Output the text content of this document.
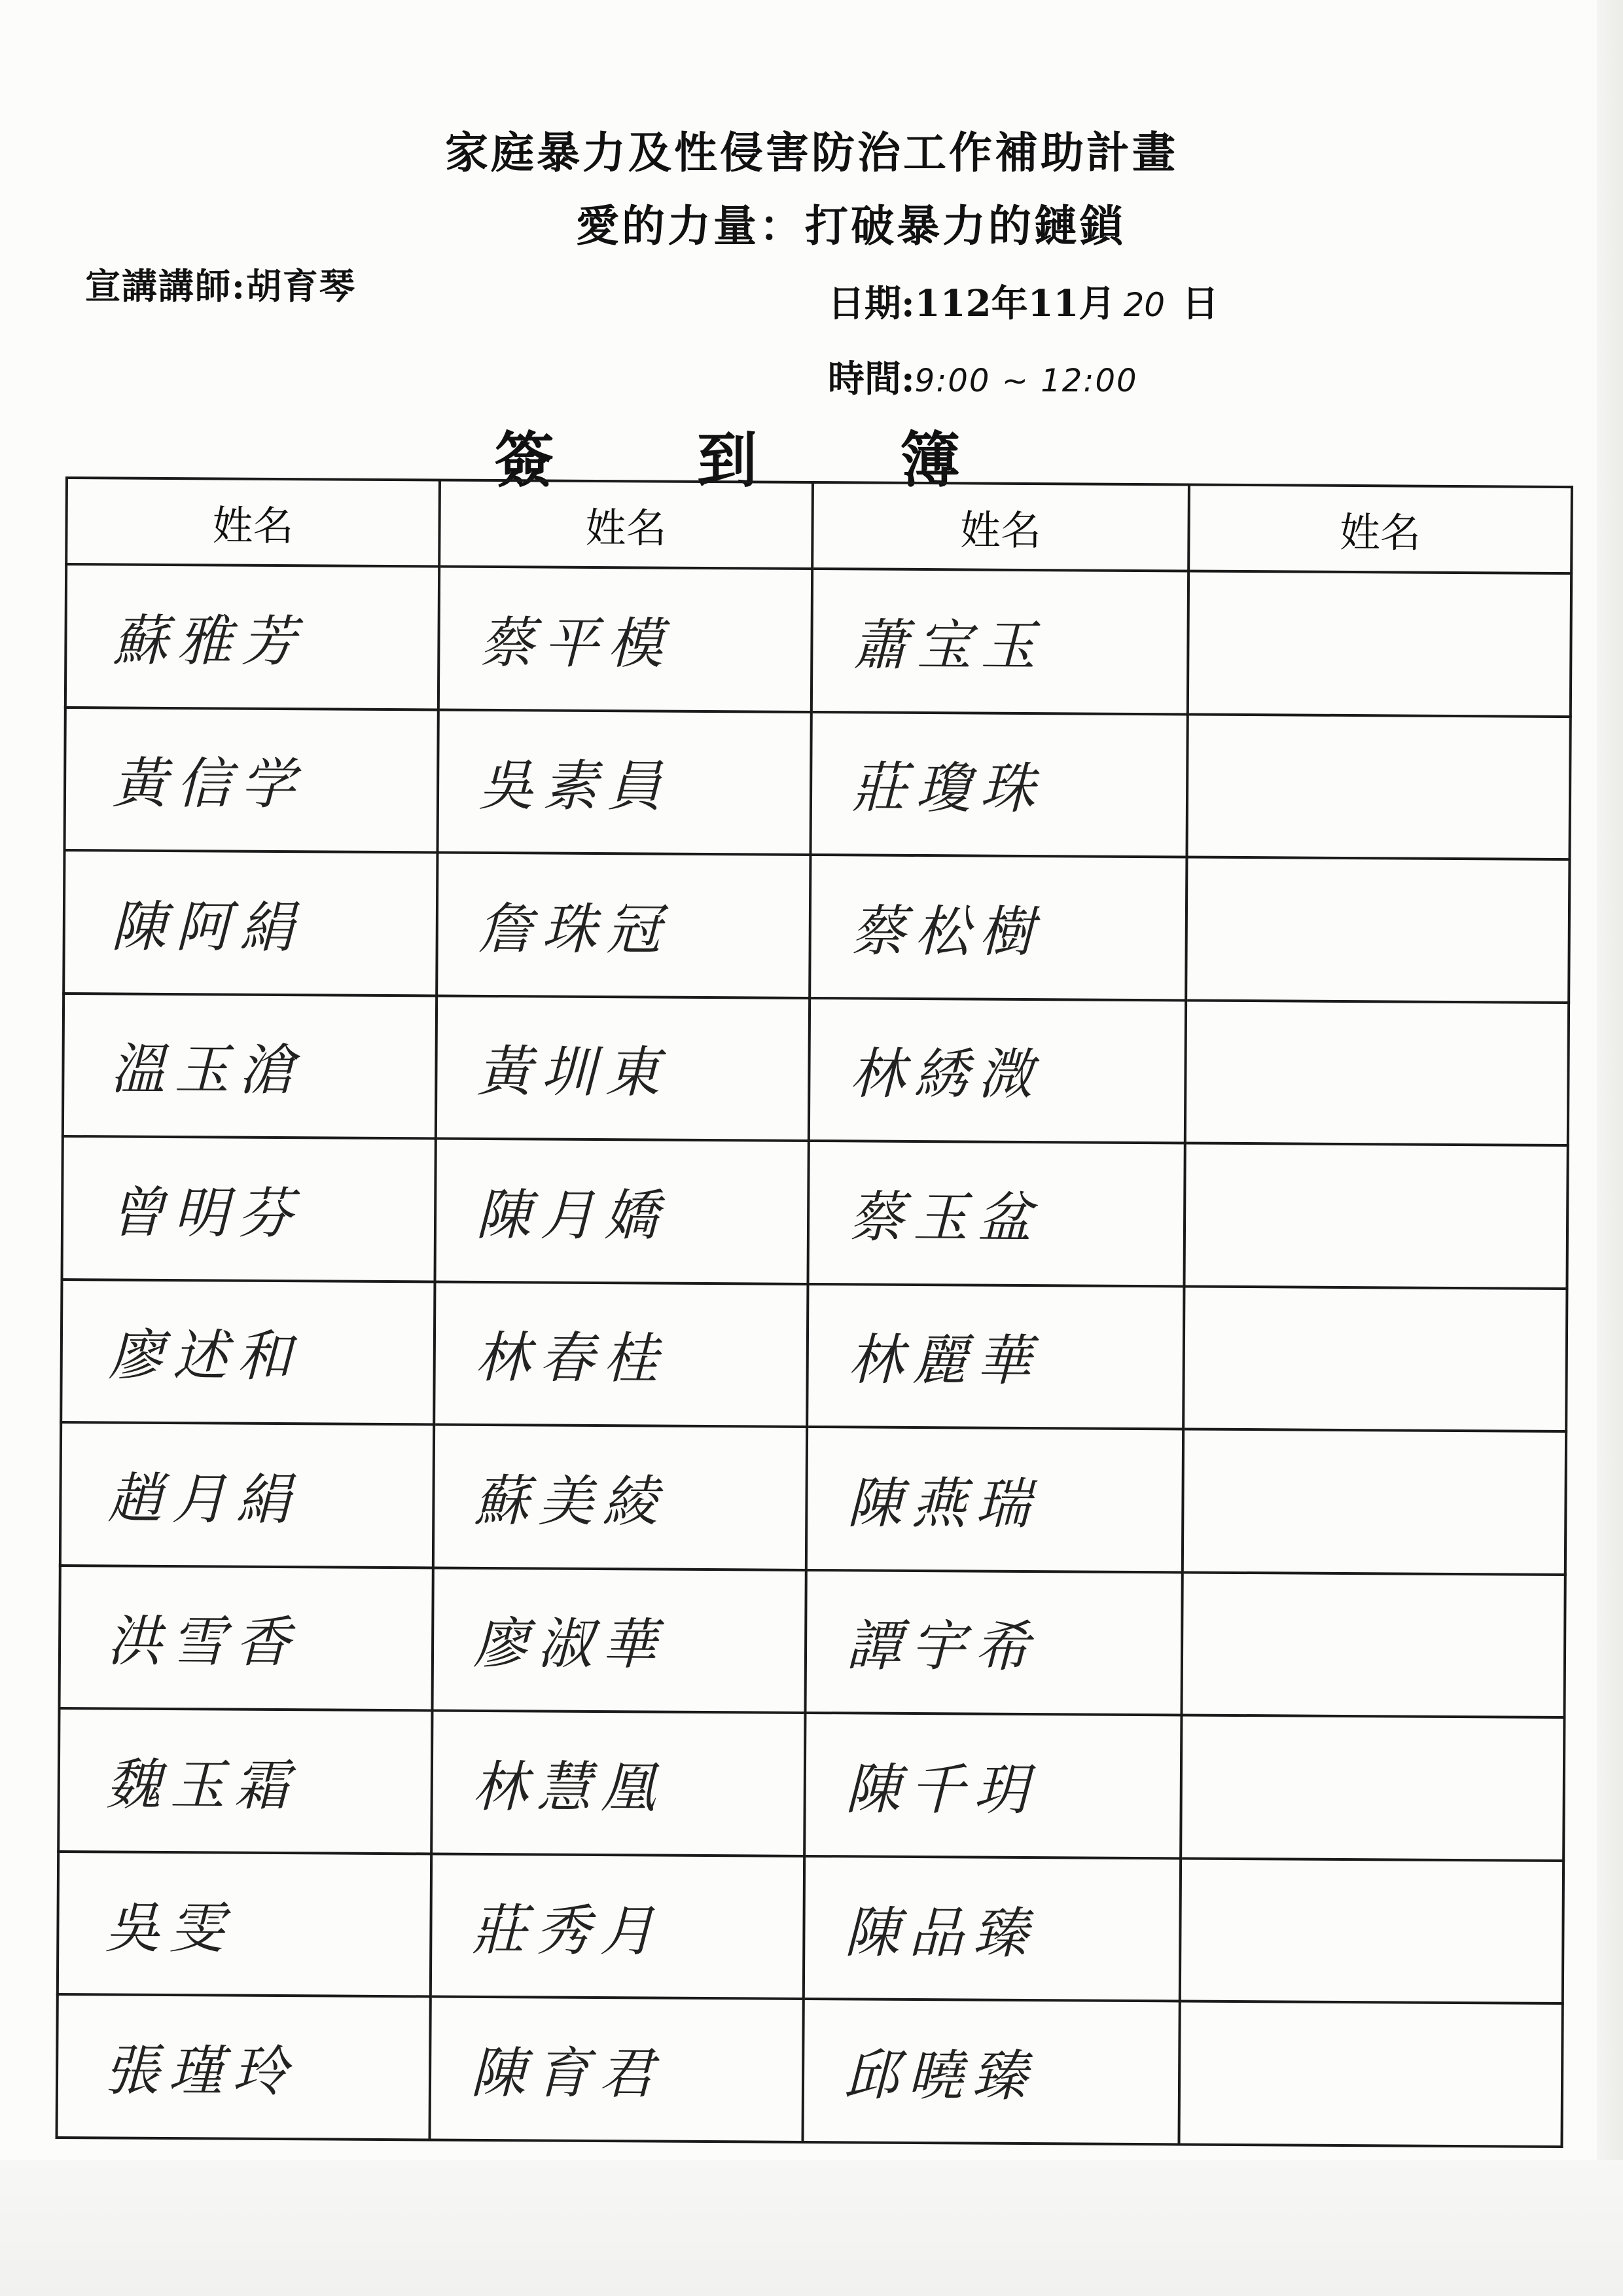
家庭暴力及性侵害防治工作補助計畫
愛的力量：打破暴力的鏈鎖
宣講講師:胡育琴	日期:112年11月 20 日
時間:9:00 ~ 12:00
簽 到 簿
姓名	姓名	姓名	姓名
蘇雅芳	蔡平模	蕭宝玉	
黃信学	吳素員	莊瓊珠	
陳阿絹	詹珠冠	蔡松樹	
溫玉滄	黃圳東	林綉溦	
曾明芬	陳月嬌	蔡玉盆	
廖述和	林春桂	林麗華	
趙月絹	蘇美綾	陳燕瑞	
洪雪香	廖淑華	譚宇希	
魏玉霜	林慧凰	陳千玥	
吳雯	莊秀月	陳品臻	
張瑾玲	陳育君	邱曉臻	
